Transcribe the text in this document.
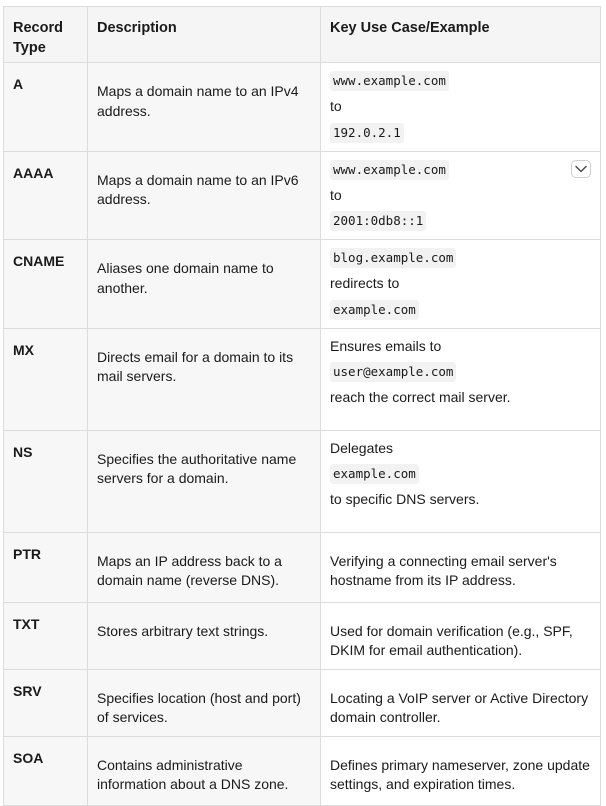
Record Type	Description	Key Use Case/Example
A	Maps a domain name to an IPv4 address.	www.example.com
to
192.0.2.1

AAAA	Maps a domain name to an IPv6 address.	www.example.com
to
2001:0db8::1

CNAME	Aliases one domain name to another.	blog.example.com
redirects to
example.com

MX	Directs email for a domain to its mail servers.	Ensures emails to
user@example.com
reach the correct mail server.

NS	Specifies the authoritative name servers for a domain.	Delegates
example.com
to specific DNS servers.

PTR	Maps an IP address back to a domain name (reverse DNS).	Verifying a connecting email server's hostname from its IP address.

TXT	Stores arbitrary text strings.	Used for domain verification (e.g., SPF, DKIM for email authentication).

SRV	Specifies location (host and port) of services.	Locating a VoIP server or Active Directory domain controller.

SOA	Contains administrative information about a DNS zone.	Defines primary nameserver, zone update settings, and expiration times.
